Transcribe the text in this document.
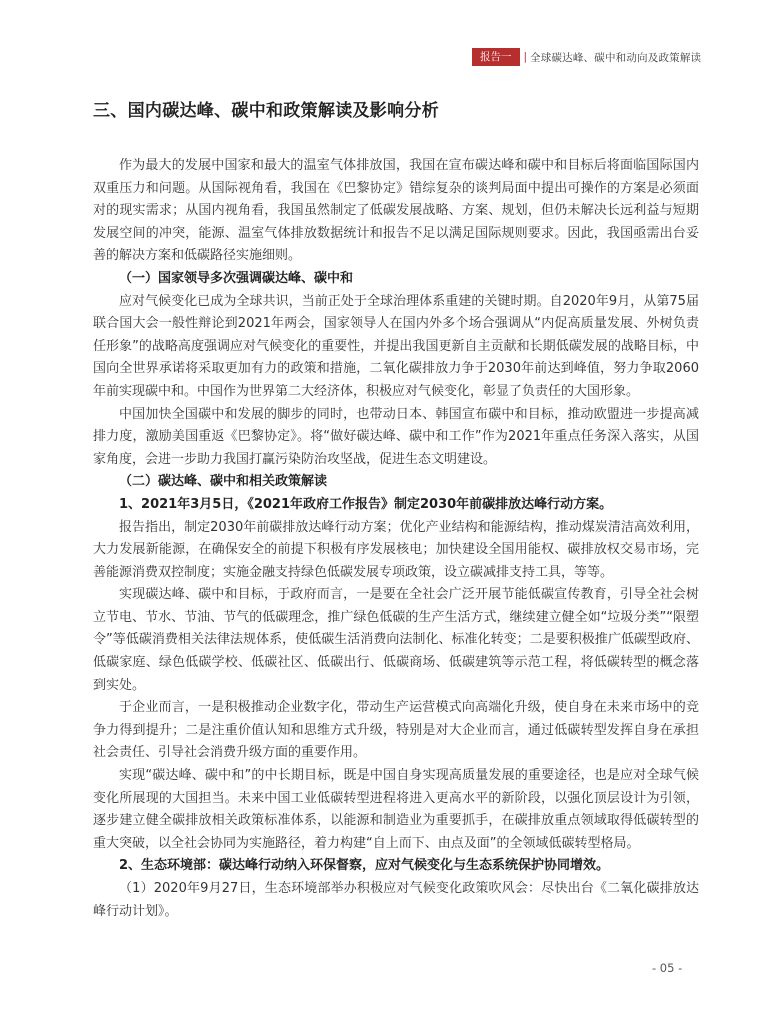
报告一	| 全球碳达峰、碳中和动向及政策解读
三、国内碳达峰、碳中和政策解读及影响分析

作为最大的发展中国家和最大的温室气体排放国，我国在宣布碳达峰和碳中和目标后将面临国际国内双重压力和问题。从国际视角看，我国在《巴黎协定》错综复杂的谈判局面中提出可操作的方案是必须面对的现实需求；从国内视角看，我国虽然制定了低碳发展战略、方案、规划，但仍未解决长远利益与短期发展空间的冲突，能源、温室气体排放数据统计和报告不足以满足国际规则要求。因此，我国亟需出台妥善的解决方案和低碳路径实施细则。

（一）国家领导多次强调碳达峰、碳中和

应对气候变化已成为全球共识，当前正处于全球治理体系重建的关键时期。自2020年9月，从第75届联合国大会一般性辩论到2021年两会，国家领导人在国内外多个场合强调从“内促高质量发展、外树负责任形象”的战略高度强调应对气候变化的重要性，并提出我国更新自主贡献和长期低碳发展的战略目标，中国向全世界承诺将采取更加有力的政策和措施，二氧化碳排放力争于2030年前达到峰值，努力争取2060年前实现碳中和。中国作为世界第二大经济体，积极应对气候变化，彰显了负责任的大国形象。

中国加快全国碳中和发展的脚步的同时，也带动日本、韩国宣布碳中和目标，推动欧盟进一步提高减排力度，激励美国重返《巴黎协定》。将“做好碳达峰、碳中和工作”作为2021年重点任务深入落实，从国家角度，会进一步助力我国打赢污染防治攻坚战，促进生态文明建设。

（二）碳达峰、碳中和相关政策解读

1、2021年3月5日，《2021年政府工作报告》制定2030年前碳排放达峰行动方案。

报告指出，制定2030年前碳排放达峰行动方案；优化产业结构和能源结构，推动煤炭清洁高效利用，大力发展新能源，在确保安全的前提下积极有序发展核电；加快建设全国用能权、碳排放权交易市场，完善能源消费双控制度；实施金融支持绿色低碳发展专项政策，设立碳减排支持工具，等等。

实现碳达峰、碳中和目标，于政府而言，一是要在全社会广泛开展节能低碳宣传教育，引导全社会树立节电、节水、节油、节气的低碳理念，推广绿色低碳的生产生活方式，继续建立健全如“垃圾分类”“限塑令”等低碳消费相关法律法规体系，使低碳生活消费向法制化、标准化转变；二是要积极推广低碳型政府、低碳家庭、绿色低碳学校、低碳社区、低碳出行、低碳商场、低碳建筑等示范工程，将低碳转型的概念落到实处。

于企业而言，一是积极推动企业数字化，带动生产运营模式向高端化升级，使自身在未来市场中的竞争力得到提升；二是注重价值认知和思维方式升级，特别是对大企业而言，通过低碳转型发挥自身在承担社会责任、引导社会消费升级方面的重要作用。

实现“碳达峰、碳中和”的中长期目标，既是中国自身实现高质量发展的重要途径，也是应对全球气候变化所展现的大国担当。未来中国工业低碳转型进程将进入更高水平的新阶段，以强化顶层设计为引领，逐步建立健全碳排放相关政策标准体系，以能源和制造业为重要抓手，在碳排放重点领域取得低碳转型的重大突破，以全社会协同为实施路径，着力构建“自上而下、由点及面”的全领域低碳转型格局。

2、生态环境部：碳达峰行动纳入环保督察，应对气候变化与生态系统保护协同增效。

（1）2020年9月27日，生态环境部举办积极应对气候变化政策吹风会：尽快出台《二氧化碳排放达峰行动计划》。

- 05 -
